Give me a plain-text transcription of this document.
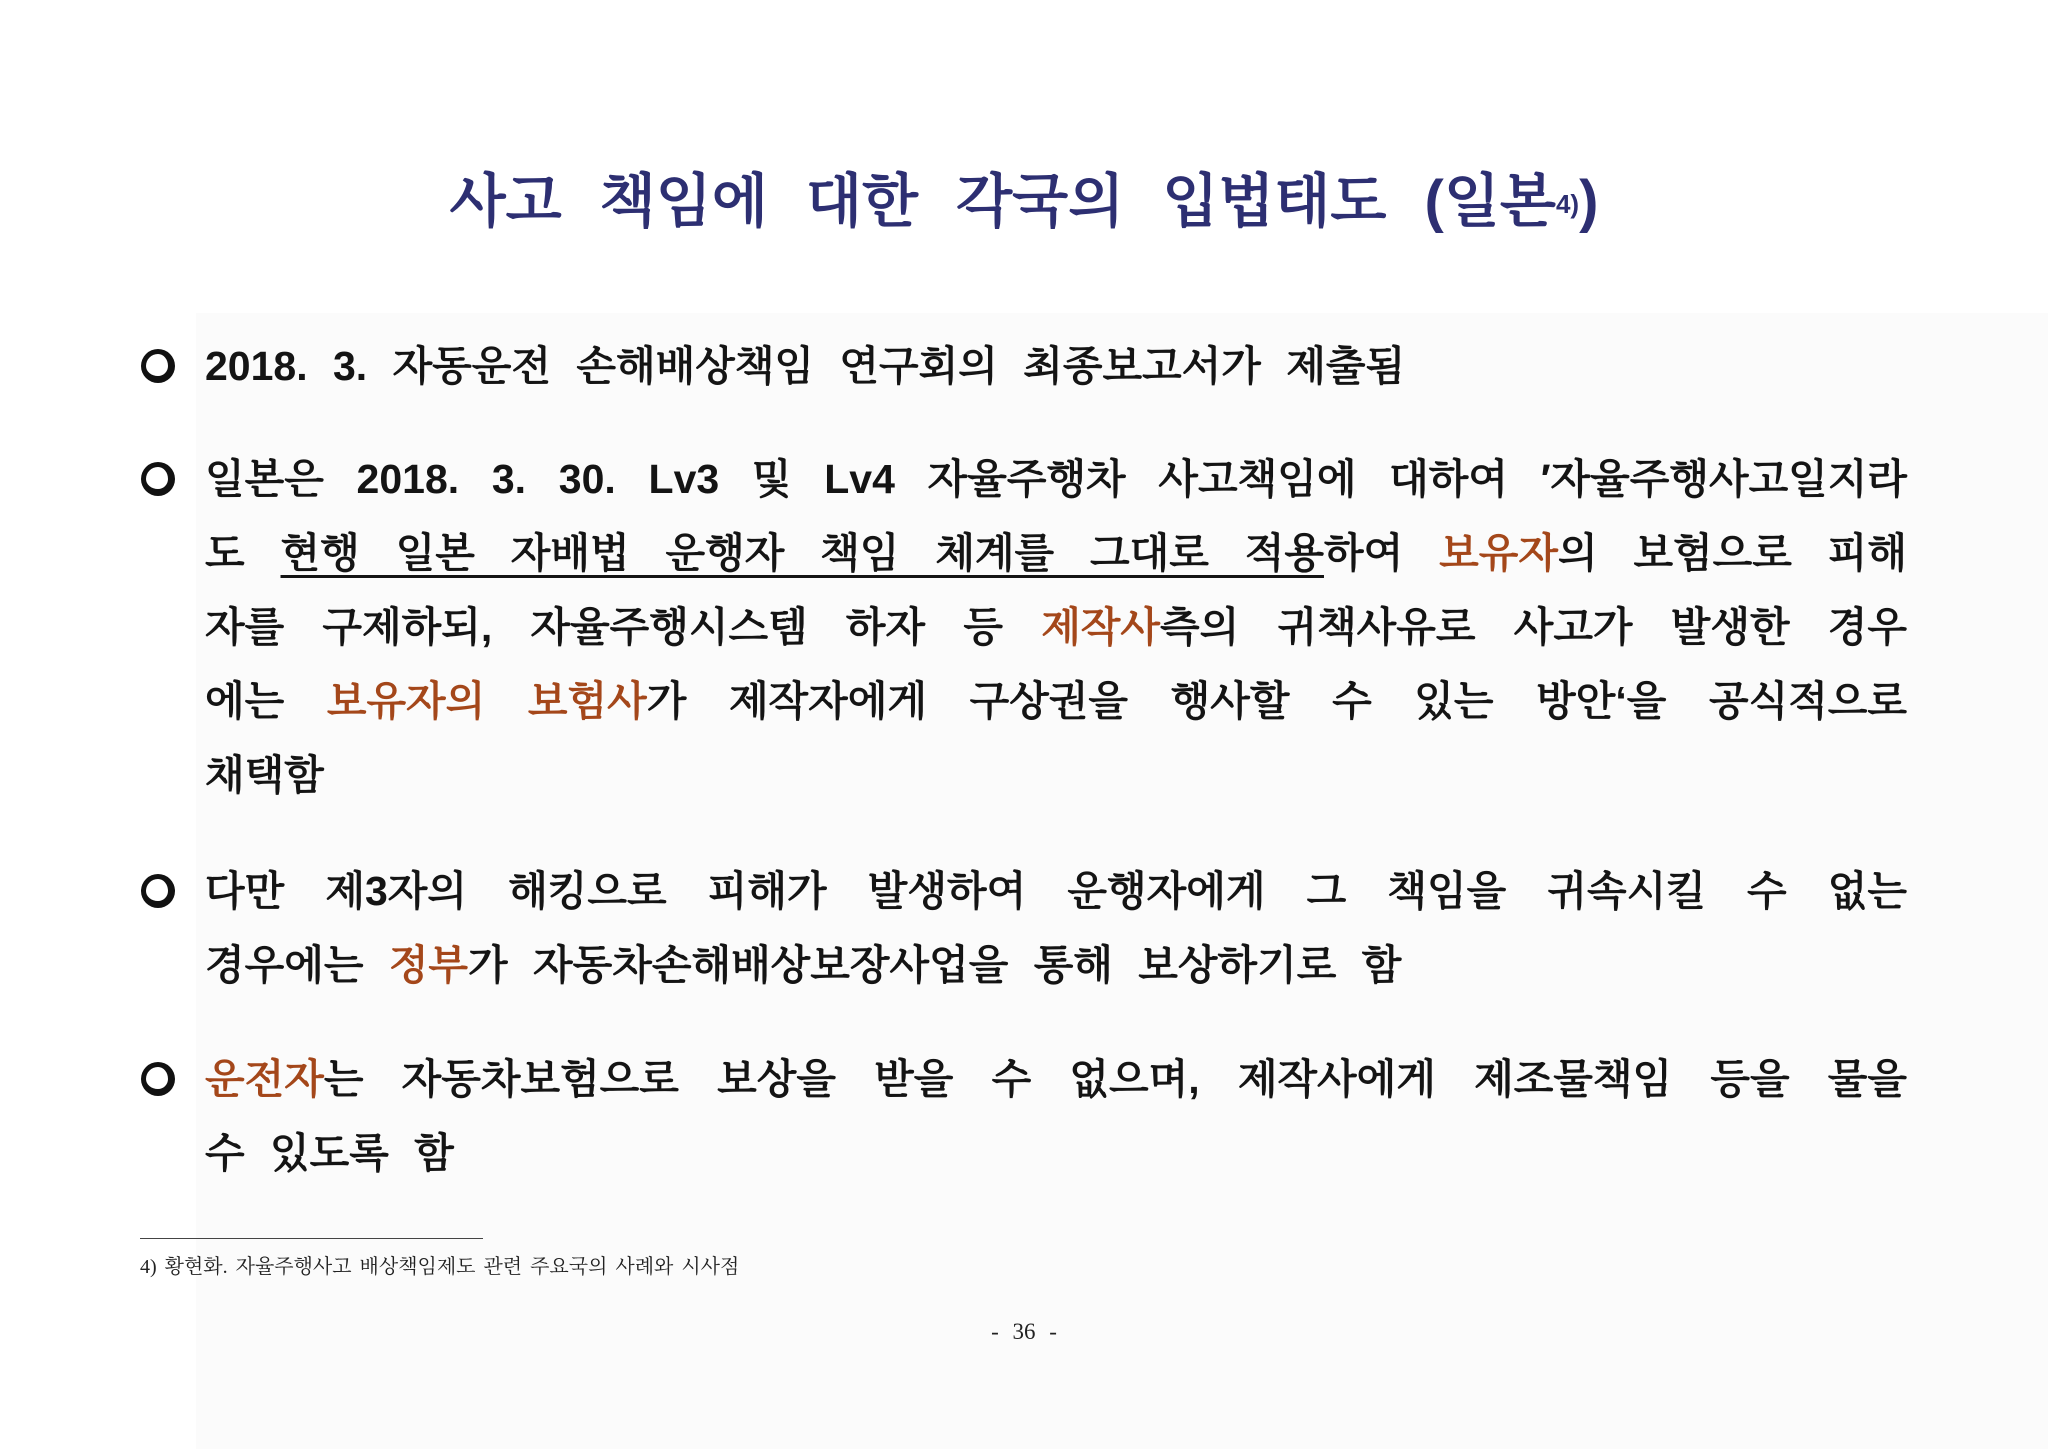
사고 책임에 대한 각국의 입법태도 (일본4))
2018. 3. 자동운전 손해배상책임 연구회의 최종보고서가 제출됨
일본은 2018. 3. 30. Lv3 및 Lv4 자율주행차 사고책임에 대하여 ′자율주행사고일지라
도 현행 일본 자배법 운행자 책임 체계를 그대로 적용하여 보유자의 보험으로 피해
자를 구제하되, 자율주행시스템 하자 등 제작사측의 귀책사유로 사고가 발생한 경우
에는 보유자의 보험사가 제작자에게 구상권을 행사할 수 있는 방안‘을 공식적으로
채택함
다만 제3자의 해킹으로 피해가 발생하여 운행자에게 그 책임을 귀속시킬 수 없는
경우에는 정부가 자동차손해배상보장사업을 통해 보상하기로 함
운전자는 자동차보험으로 보상을 받을 수 없으며, 제작사에게 제조물책임 등을 물을
수 있도록 함
4) 황현화. 자율주행사고 배상책임제도 관련 주요국의 사례와 시사점
- 36 -
